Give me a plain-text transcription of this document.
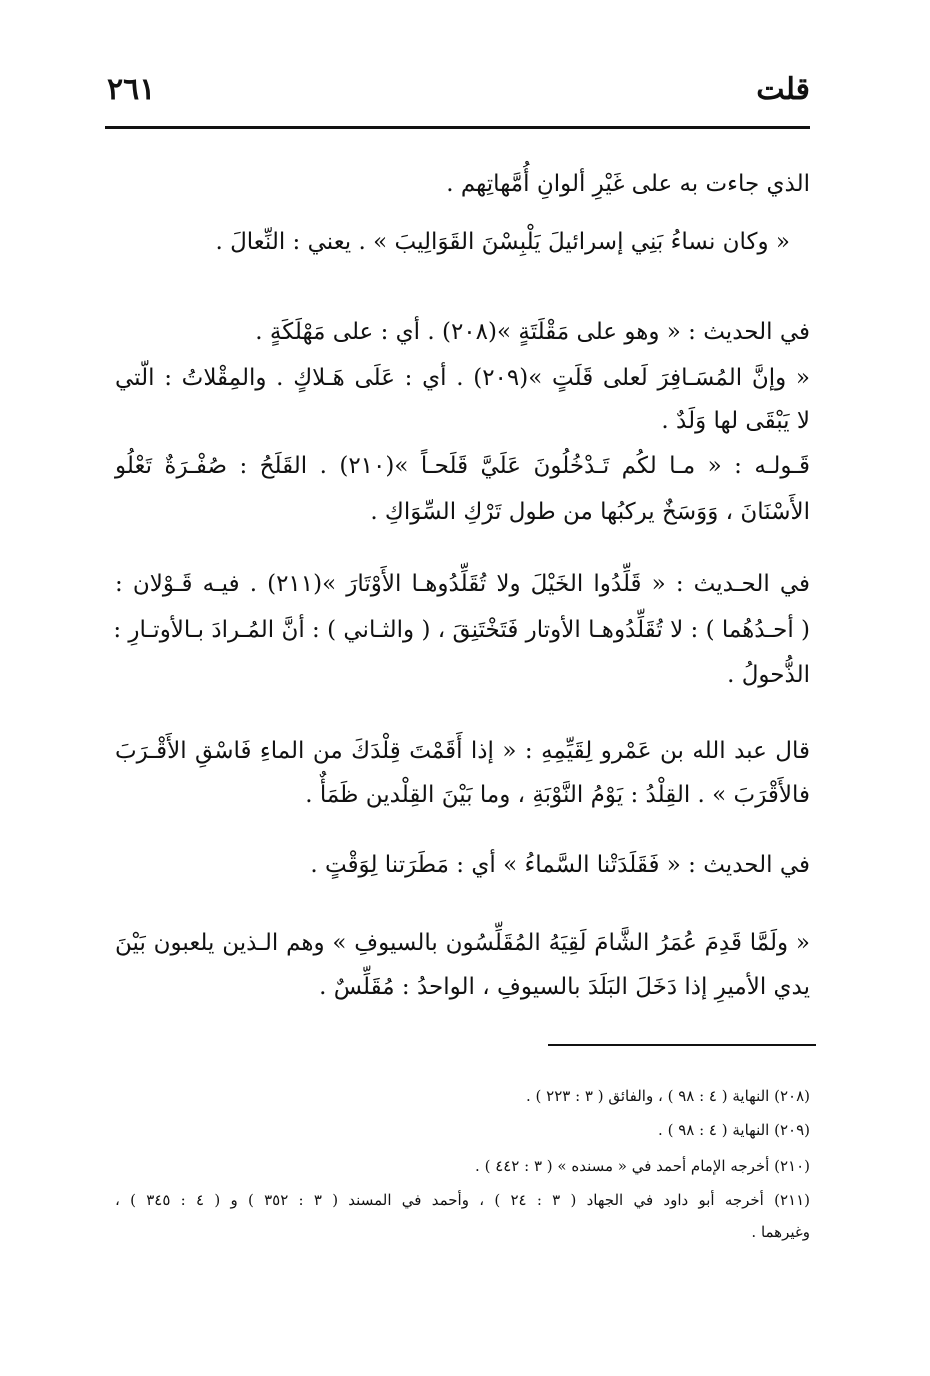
قلت
٢٦١
الذي جاءت به على غَيْرِ ألوانِ أُمَّهاتِهم .
« وكان نساءُ بَنِي إسرائيلَ يَلْبِسْنَ القَوَالِيبَ » . يعني : النِّعالَ .
في الحديث : « وهو على مَقْلَتَةٍ »(٢٠٨) . أي : على مَهْلَكَةٍ .
« وإنَّ المُسَـافِرَ لَعلى قَلَتٍ »(٢٠٩) . أي : عَلَى هَـلاكٍ . والمِقْلاتُ : الّتي
لا يَبْقَى لها وَلَدٌ .
قَـولـه : « مـا لكُم تَـدْخُلُونَ عَلَيَّ قَلَحـاً »(٢١٠) . القَلَحُ : صُفْـرَةٌ تَعْلُو
الأَسْنَانَ ، وَوَسَخٌ يركبُها من طول تَرْكِ السِّوَاكِ .
في الحـديث : « قَلِّدُوا الخَيْلَ ولا تُقَلِّدُوهـا الأَوْتَارَ »(٢١١) . فيـه قَـوْلان :
( أحـدُهُما ) : لا تُقَلِّدُوهـا الأوتار فَتَخْتَنِقَ ، ( والثـاني ) : أنَّ المُـرادَ بـالأوتـارِ :
الذُّحولُ .
قال عبد الله بن عَمْرو لِقَيِّمِهِ : « إذا أَقَمْتَ قِلْدَكَ من الماءِ فَاسْقِ الأَقْـرَبَ
فالأَقْرَبَ » . القِلْدُ : يَوْمُ النَّوْبَةِ ، وما بَيْنَ القِلْدين ظَمَأٌ .
في الحديث : « فَقَلَدَتْنا السَّماءُ » أي : مَطَرَتنا لِوَقْتٍ .
« ولَمَّا قَدِمَ عُمَرُ الشَّامَ لَقِيَهُ المُقَلِّسُون بالسيوفِ » وهم الـذين يلعبون بَيْنَ
يدي الأميرِ إذا دَخَلَ البَلَدَ بالسيوفِ ، الواحدُ : مُقَلِّسٌ .
(٢٠٨) النهاية ( ٤ : ٩٨ ) ، والفائق ( ٣ : ٢٢٣ ) .
(٢٠٩) النهاية ( ٤ : ٩٨ ) .
(٢١٠) أخرجه الإمام أحمد في « مسنده » ( ٣ : ٤٤٢ ) .
(٢١١) أخرجه أبو داود في الجهاد ( ٣ : ٢٤ ) ، وأحمد في المسند ( ٣ : ٣٥٢ ) و ( ٤ : ٣٤٥ ) ،
وغيرهما .
